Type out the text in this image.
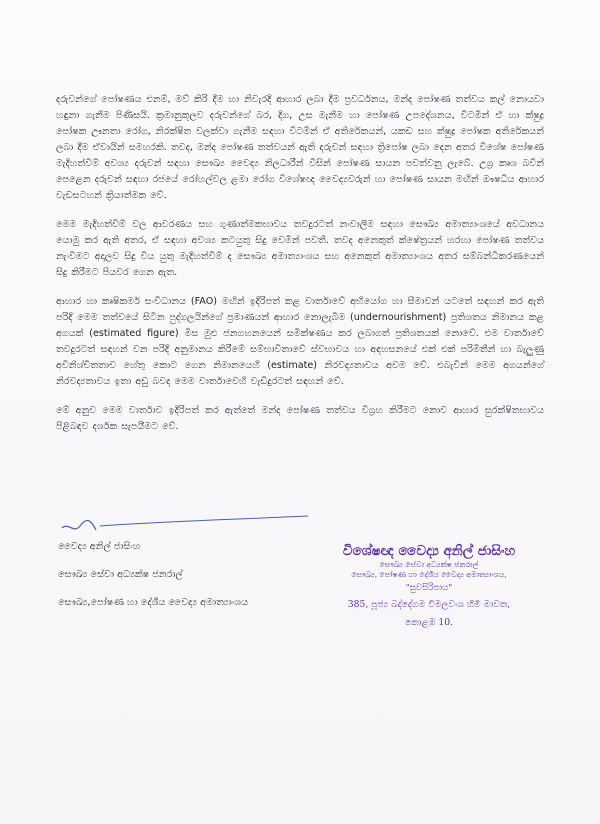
දරුවන්ගේ පෝෂණය එනම්, මව් කිරි දීම හා නිවැරදි ආහාර ලබා දීම ප්‍රවර්ධනය, මන්ද පෝෂණ තත්වය කල් නොයවා හඳුනා ගැනීම පිණිසයි. ක්‍රමානුකූලව දරුවන්ගේ බර, දිග, උස මැනීම හා පෝෂණ උපදේශනය, විටමින් ඒ හා ක්ෂුද්‍ර පෝෂක ඌනතා රෝග, නිරක්ෂිත වලක්වා ගැනීම සඳහා විටමින් ඒ අතිරේකයන්, යකඩ සහ ක්ෂුද්‍ර පෝෂක අතිරේකයන් ලබා දීම ඒවායින් සමහරකි. තවද, මන්ද පෝෂණ තත්වයන් ඇති දරුවන් සඳහා ත්‍රිපෝෂ ලබා දෙන අතර විශේෂ පෝෂණ මැදිහත්වීම් අවශ්‍ය දරුවන් සඳහා සෞඛ්‍ය වෛද්‍ය නිලධාරීන් විසින් පෝෂණ සායන පවත්වනු ලැබේ. උග්‍ර කෘශ බවින් පෙළෙන දරුවන් සඳහා රජයේ රෝහල්වල ළමා රෝග විශේෂඥ වෛද්‍යවරුන් හා පෝෂණ සායන මඟින් ඖෂධීය ආහාර වැඩසටහන් ක්‍රියාත්මක වේ.

මෙම මැදිහත්වීම් වල ආවරණය සහ ගුණාත්මකභාවය තවදුරටත් නංවාලීම සඳහා සෞඛ්‍ය අමාත්‍යාංශයේ අවධානය යොමු කර ඇති අතර, ඒ සඳහා අවශ්‍ය කටයුතු සිදු වෙමින් පවතී. තවද අනෙකුත් ක්ෂේත්‍රයන් හරහා පෝෂණ තත්වය නැංවීමට අදාලව සිදු විය යුතු මැදිහත්වීම් ද සෞඛ්‍ය අමාත්‍යාංශය සහ අනෙකුත් අමාත්‍යාංශය අතර සම්බන්ධීකරණයෙන් සිදු කිරීමට පියවර ගෙන ඇත.

ආහාර හා කෘෂිකර්ම සංවිධානය (FAO) මඟින් ඉදිරිපත් කළ වාර්තාවේ අභියෝග හා සීමාවන් යටතේ සඳහන් කර ඇති පරිදි මෙම තත්වයේ සිටින පුද්ගලයින්ගේ ප්‍රමාණයන් ආහාර නොලැබීම (undernourishment) ප්‍රතිශතය නිමානය කළ අගයක් (estimated figure) මිස මුළු ජනගහනයෙන් සමීක්ෂණය කර ලබාගත් ප්‍රතිශතයක් නොවේ. එම වාර්තාවේ තවදුරටත් සඳහන් වන පරිදි අනුමානය කිරීමේ සම්භාවිතාවේ ස්වභාවය හා අඳහසනයේ එක් එක් පරිමිතීන් හා බැලුණු අවිනිශ්චිතතාව හේතු කොට ගෙන නිමානයෙහි (estimate) නිරවද්‍යතාවය අවම වේ. එබැවින් මෙම අගයන්ගේ නිරවද්‍යතාවය ඉතා අඩු බවද මෙම වාර්තාවෙහි වැඩිදුරටත් සඳහන් වේ.

මේ අනුව මෙම වාර්තාව ඉදිරිපත් කර ඇත්තේ මන්ද පෝෂණ තත්වය විග්‍රහ කිරීමට නොව ආහාර සුරක්ෂිතභාවය පිළිබඳව දර්ශක සැපයීමට වේ.

වෛද්‍ය අනිල් ජාසිංහ

සෞඛ්‍ය සේවා අධ්‍යක්ෂ ජනරාල්

සෞඛ්‍ය,පෝෂණ හා දේශීය වෛද්‍ය අමාත්‍යාංශය

විශේෂඥ වෛද්‍ය අනිල් ජාසිංහ

සෞඛ්‍ය සේවා අධ්‍යක්ෂ ජනරාල්

සෞඛ්‍ය, පෝෂණ හා දේශීය වෛද්‍ය අමාත්‍යාංශය,

"සුවසිරිපාය"

385, පූජ්‍ය බද්දේගම විමලවංශ හිමි මාවත,

කොළඹ 10.
